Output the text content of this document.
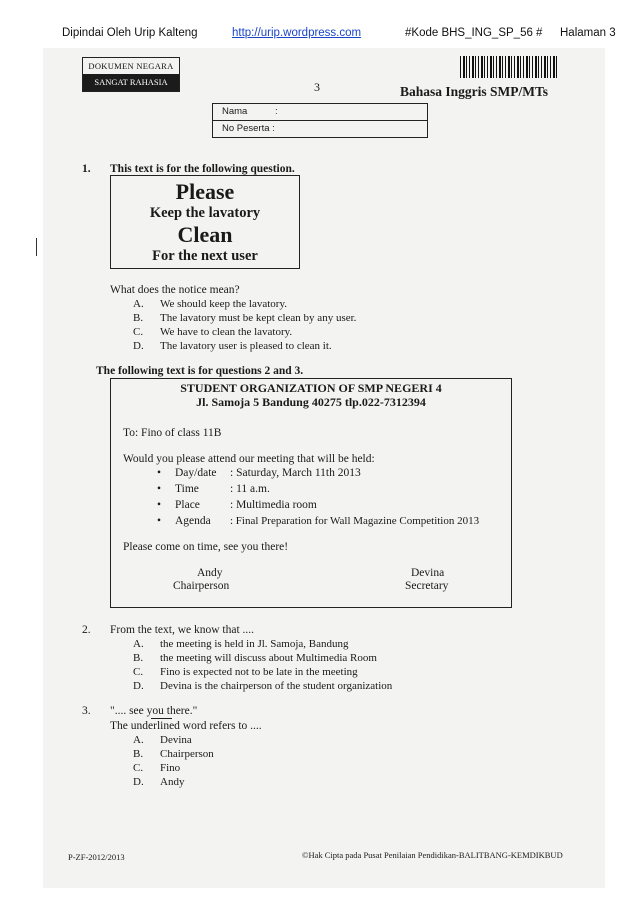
Dipindai Oleh Urip Kalteng	http://urip.wordpress.com	#Kode BHS_ING_SP_56 # Halaman 3
DOKUMEN NEGARA
SANGAT RAHASIA	3	Bahasa Inggris SMP/MTs
Nama	:
No Peserta :
1. This text is for the following question.
Please
Keep the lavatory
Clean
For the next user
What does the notice mean?
A. We should keep the lavatory.
B. The lavatory must be kept clean by any user.
C. We have to clean the lavatory.
D. The lavatory user is pleased to clean it.
The following text is for questions 2 and 3.
STUDENT ORGANIZATION OF SMP NEGERI 4
Jl. Samoja 5 Bandung 40275 tlp.022-7312394
To: Fino of class 11B
Would you please attend our meeting that will be held:
• Day/date : Saturday, March 11th 2013
• Time	: 11 a.m.
• Place	: Multimedia room
• Agenda : Final Preparation for Wall Magazine Competition 2013
Please come on time, see you there!
Andy
Chairperson
Devina
Secretary
2. From the text, we know that ....
A. the meeting is held in Jl. Samoja, Bandung
B. the meeting will discuss about Multimedia Room
C. Fino is expected not to be late in the meeting
D. Devina is the chairperson of the student organization
3. ".... see you there."
The underlined word refers to ....
A. Devina
B. Chairperson
C. Fino
D. Andy
P-ZF-2012/2013	©Hak Cipta pada Pusat Penilaian Pendidikan-BALITBANG-KEMDIKBUD
